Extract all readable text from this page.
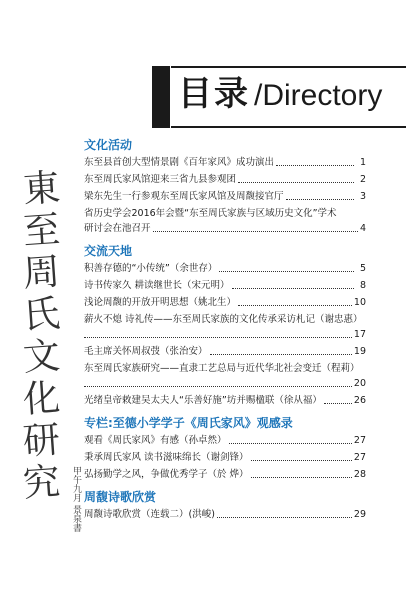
目录 /Directory
東
至
周
氏
文
化
研
究	甲午九月 景泉書
文化活动
东至县首创大型情景剧《百年家风》成功演出	1
东至周氏家风馆迎来三省九县参观团	2
梁东先生一行参观东至周氏家风馆及周馥接官厅	3
省历史学会2016年会暨“东至周氏家族与区域历史文化”学术
研讨会在池召开	4
交流天地
积善存德的“小传统”（余世存）	5
诗书传家久 耕读继世长（宋元明）	8
浅论周馥的开放开明思想（姚北生）	10
薪火不熄 诗礼传——东至周氏家族的文化传承采访札记（谢忠惠）
17
毛主席关怀周叔弢（张治安）	19
东至周氏家族研究——直隶工艺总局与近代华北社会变迁（程莉）
20
光绪皇帝敕建吴太夫人“乐善好施”坊并赐楹联（徐从福）	26
专栏:至德小学学子《周氏家风》观感录
观看《周氏家风》有感（孙卓然）	27
秉承周氏家风 读书滋味绵长（谢剑锋）	27
弘扬勤学之风，争做优秀学子（於 烨）	28
周馥诗歌欣赏
周馥诗歌欣赏（连载二）(洪峻)	29
